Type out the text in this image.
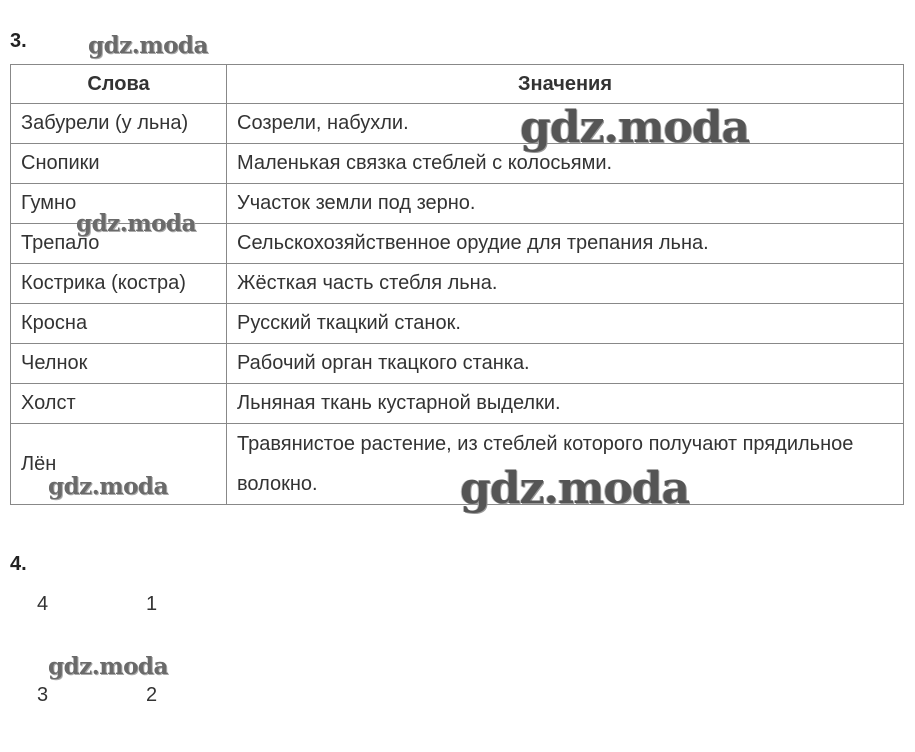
3.
Слова	Значения
Забурели (у льна)	Созрели, набухли.
Снопики	Маленькая связка стеблей с колосьями.
Гумно	Участок земли под зерно.
Трепало	Сельскохозяйственное орудие для трепания льна.
Кострика (костра)	Жёсткая часть стебля льна.
Кросна	Русский ткацкий станок.
Челнок	Рабочий орган ткацкого станка.
Холст	Льняная ткань кустарной выделки.
Лён	Травянистое растение, из стеблей которого получают прядильное волокно.
gdz.moda
gdz.moda
gdz.moda
gdz.moda	gdz.moda
gdz.moda
4.
4	1
3	2
